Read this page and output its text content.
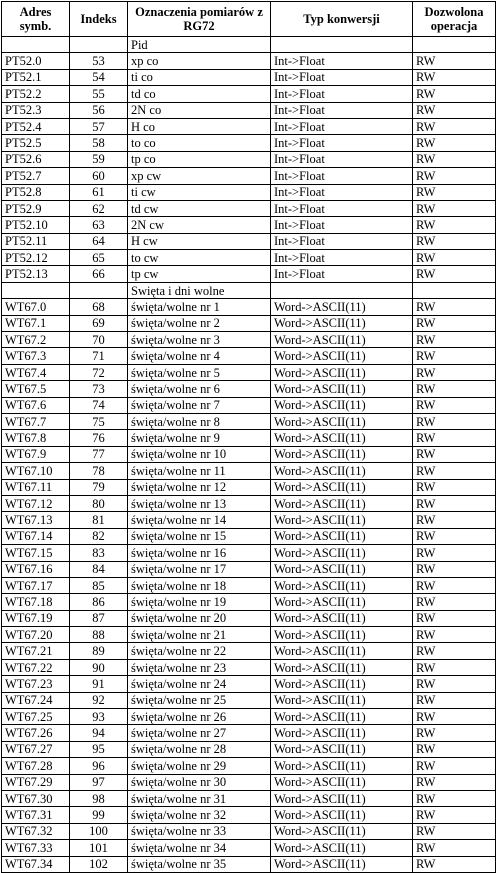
Adres symb.	Indeks	Oznaczenia pomiarów z RG72	Typ konwersji	Dozwolona operacja
		Pid		
PT52.0	53	xp co	Int->Float	RW
PT52.1	54	ti co	Int->Float	RW
PT52.2	55	td co	Int->Float	RW
PT52.3	56	2N co	Int->Float	RW
PT52.4	57	H co	Int->Float	RW
PT52.5	58	to co	Int->Float	RW
PT52.6	59	tp co	Int->Float	RW
PT52.7	60	xp cw	Int->Float	RW
PT52.8	61	ti cw	Int->Float	RW
PT52.9	62	td cw	Int->Float	RW
PT52.10	63	2N cw	Int->Float	RW
PT52.11	64	H cw	Int->Float	RW
PT52.12	65	to cw	Int->Float	RW
PT52.13	66	tp cw	Int->Float	RW
		Swięta i dni wolne		
WT67.0	68	święta/wolne nr 1	Word->ASCII(11)	RW
WT67.1	69	święta/wolne nr 2	Word->ASCII(11)	RW
WT67.2	70	święta/wolne nr 3	Word->ASCII(11)	RW
WT67.3	71	święta/wolne nr 4	Word->ASCII(11)	RW
WT67.4	72	święta/wolne nr 5	Word->ASCII(11)	RW
WT67.5	73	święta/wolne nr 6	Word->ASCII(11)	RW
WT67.6	74	święta/wolne nr 7	Word->ASCII(11)	RW
WT67.7	75	święta/wolne nr 8	Word->ASCII(11)	RW
WT67.8	76	święta/wolne nr 9	Word->ASCII(11)	RW
WT67.9	77	święta/wolne nr 10	Word->ASCII(11)	RW
WT67.10	78	święta/wolne nr 11	Word->ASCII(11)	RW
WT67.11	79	święta/wolne nr 12	Word->ASCII(11)	RW
WT67.12	80	święta/wolne nr 13	Word->ASCII(11)	RW
WT67.13	81	święta/wolne nr 14	Word->ASCII(11)	RW
WT67.14	82	święta/wolne nr 15	Word->ASCII(11)	RW
WT67.15	83	święta/wolne nr 16	Word->ASCII(11)	RW
WT67.16	84	święta/wolne nr 17	Word->ASCII(11)	RW
WT67.17	85	święta/wolne nr 18	Word->ASCII(11)	RW
WT67.18	86	święta/wolne nr 19	Word->ASCII(11)	RW
WT67.19	87	święta/wolne nr 20	Word->ASCII(11)	RW
WT67.20	88	święta/wolne nr 21	Word->ASCII(11)	RW
WT67.21	89	święta/wolne nr 22	Word->ASCII(11)	RW
WT67.22	90	święta/wolne nr 23	Word->ASCII(11)	RW
WT67.23	91	święta/wolne nr 24	Word->ASCII(11)	RW
WT67.24	92	święta/wolne nr 25	Word->ASCII(11)	RW
WT67.25	93	święta/wolne nr 26	Word->ASCII(11)	RW
WT67.26	94	święta/wolne nr 27	Word->ASCII(11)	RW
WT67.27	95	święta/wolne nr 28	Word->ASCII(11)	RW
WT67.28	96	święta/wolne nr 29	Word->ASCII(11)	RW
WT67.29	97	święta/wolne nr 30	Word->ASCII(11)	RW
WT67.30	98	święta/wolne nr 31	Word->ASCII(11)	RW
WT67.31	99	święta/wolne nr 32	Word->ASCII(11)	RW
WT67.32	100	święta/wolne nr 33	Word->ASCII(11)	RW
WT67.33	101	święta/wolne nr 34	Word->ASCII(11)	RW
WT67.34	102	święta/wolne nr 35	Word->ASCII(11)	RW
